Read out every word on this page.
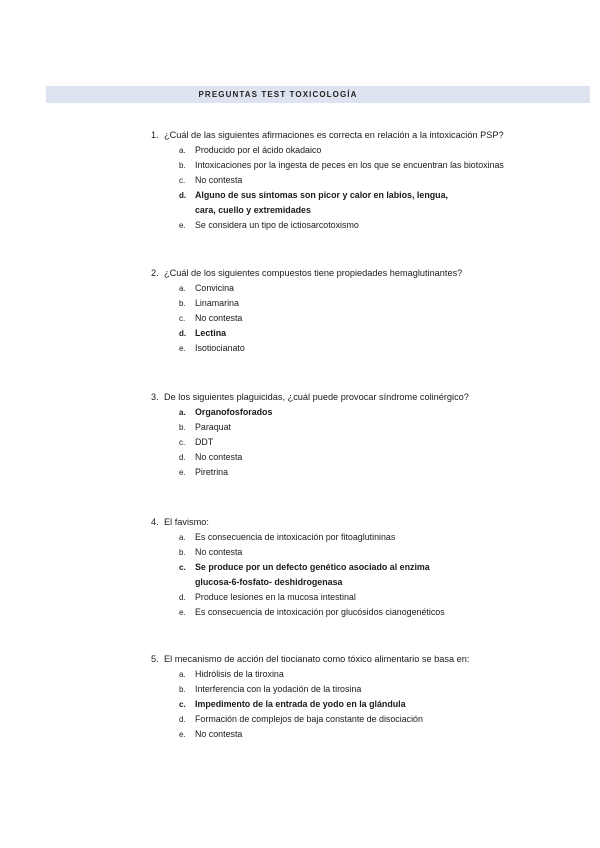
PREGUNTAS TEST TOXICOLOGÍA
1. ¿Cuál de las siguientes afirmaciones es correcta en relación a la intoxicación PSP?
a.	Producido por el ácido okadaico
b.	Intoxicaciones por la ingesta de peces en los que se encuentran las biotoxinas
c.	No contesta
d. Alguno de sus síntomas son picor y calor en labios, lengua,
cara, cuello y extremidades
e.	Se considera un tipo de ictiosarcotoxismo
2. ¿Cuál de los siguientes compuestos tiene propiedades hemaglutinantes?
a.	Convicina
b.	Linamarina
c.	No contesta
d. Lectina
e.	Isotiocianato
3. De los siguientes plaguicidas, ¿cuál puede provocar síndrome colinérgico?
a.	Organofosforados
b.	Paraquat
c.	DDT
d.	No contesta
e.	Piretrina
4. El favismo:
a.	Es consecuencia de intoxicación por fitoaglutininas
b.	No contesta
c.	Se produce por un defecto genético asociado al enzima
glucosa-6-fosfato- deshidrogenasa
d.	Produce lesiones en la mucosa intestinal
e.	Es consecuencia de intoxicación por glucósidos cianogenéticos
5. El mecanismo de acción del tiocianato como tóxico alimentario se basa en:
a.	Hidrólisis de la tiroxina
b.	Interferencia con la yodación de la tirosina
c.	Impedimento de la entrada de yodo en la glándula
d.	Formación de complejos de baja constante de disociación
e.	No contesta
